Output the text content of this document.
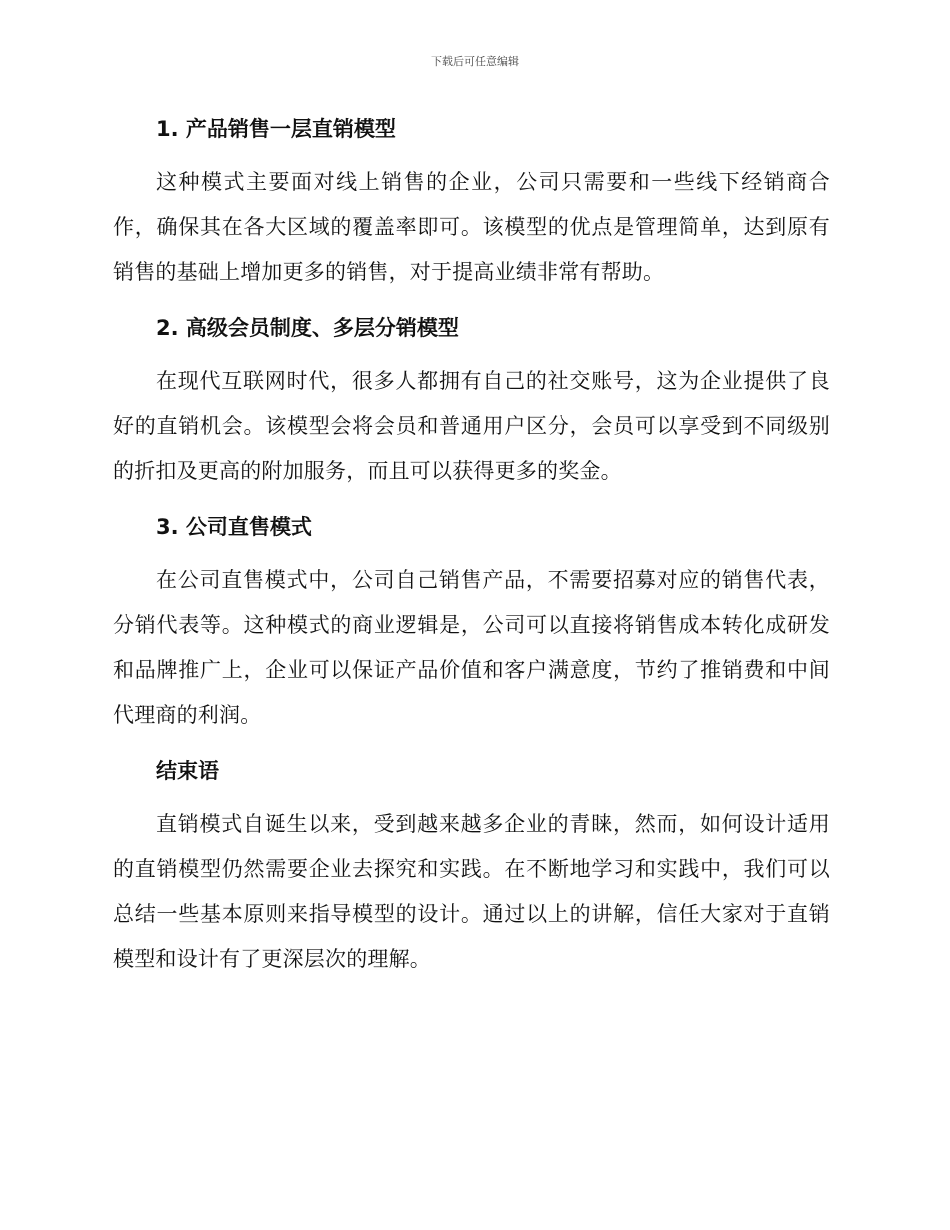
下载后可任意编辑
1. 产品销售一层直销模型

这种模式主要面对线上销售的企业，公司只需要和一些线下经销商合作，确保其在各大区域的覆盖率即可。该模型的优点是管理简单，达到原有销售的基础上增加更多的销售，对于提高业绩非常有帮助。

2. 高级会员制度、多层分销模型

在现代互联网时代，很多人都拥有自己的社交账号，这为企业提供了良好的直销机会。该模型会将会员和普通用户区分，会员可以享受到不同级别的折扣及更高的附加服务，而且可以获得更多的奖金。

3. 公司直售模式

在公司直售模式中，公司自己销售产品，不需要招募对应的销售代表，分销代表等。这种模式的商业逻辑是，公司可以直接将销售成本转化成研发和品牌推广上，企业可以保证产品价值和客户满意度，节约了推销费和中间代理商的利润。

结束语

直销模式自诞生以来，受到越来越多企业的青睐，然而，如何设计适用的直销模型仍然需要企业去探究和实践。在不断地学习和实践中，我们可以总结一些基本原则来指导模型的设计。通过以上的讲解，信任大家对于直销模型和设计有了更深层次的理解。
